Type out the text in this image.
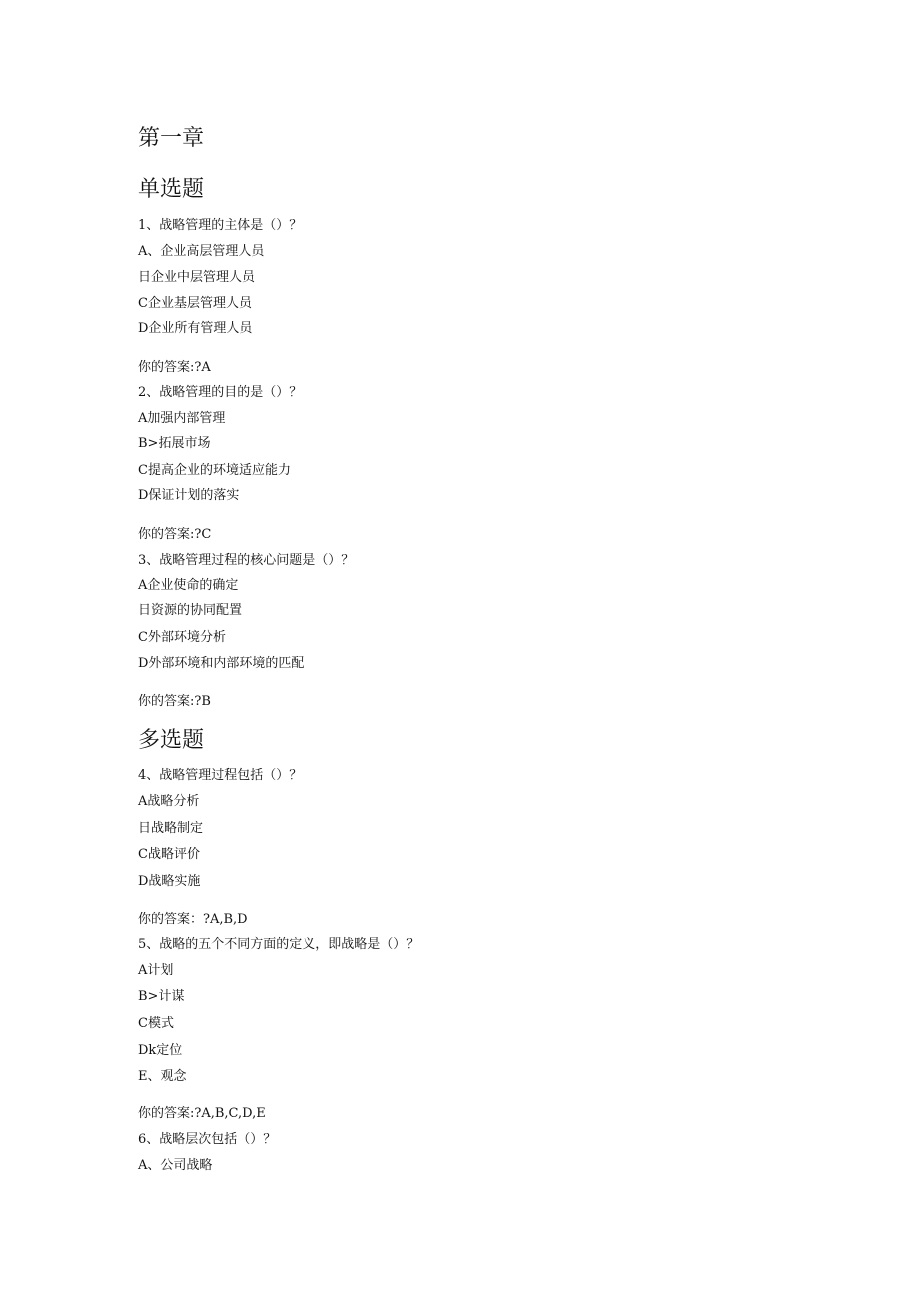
第一章
单选题
1、战略管理的主体是（）？
A、企业高层管理人员
日企业中层管理人员
C企业基层管理人员
D企业所有管理人员
你的答案:?A
2、战略管理的目的是（）？
A加强内部管理
B>拓展市场
C提高企业的环境适应能力
D保证计划的落实
你的答案:?C
3、战略管理过程的核心问题是（）？
A企业使命的确定
日资源的协同配置
C外部环境分析
D外部环境和内部环境的匹配
你的答案:?B
多选题
4、战略管理过程包括（）？
A战略分析
日战略制定
C战略评价
D战略实施
你的答案：?A,B,D
5、战略的五个不同方面的定义，即战略是（）？
A计划
B>计谋
C模式
Dk定位
E、观念
你的答案:?A,B,C,D,E
6、战略层次包括（）？
A、公司战略
